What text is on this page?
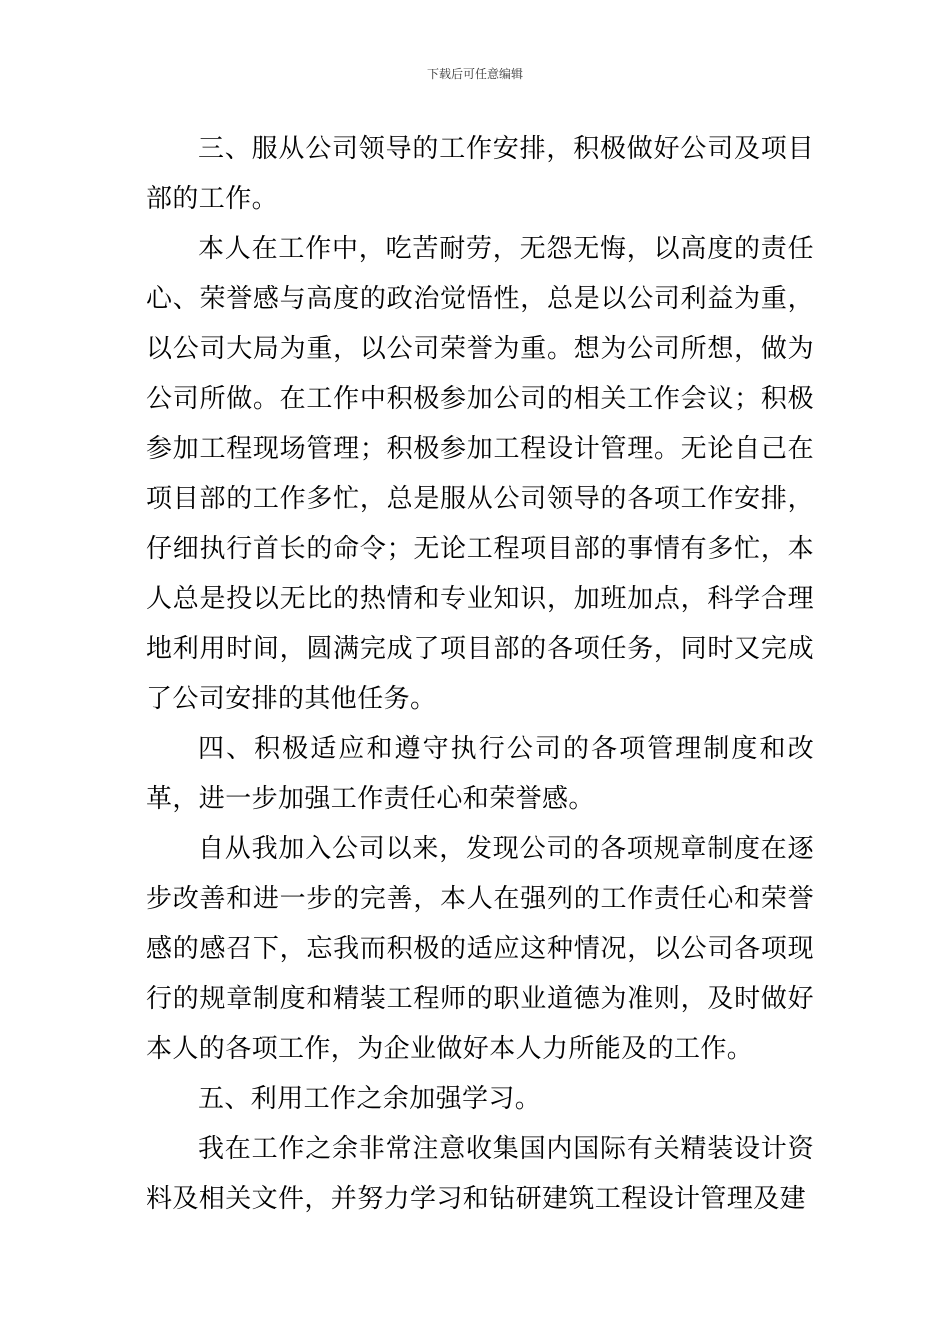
下载后可任意编辑

三、服从公司领导的工作安排，积极做好公司及项目部的工作。

本人在工作中，吃苦耐劳，无怨无悔，以高度的责任心、荣誉感与高度的政治觉悟性，总是以公司利益为重，以公司大局为重，以公司荣誉为重。想为公司所想，做为公司所做。在工作中积极参加公司的相关工作会议；积极参加工程现场管理；积极参加工程设计管理。无论自己在项目部的工作多忙，总是服从公司领导的各项工作安排，仔细执行首长的命令；无论工程项目部的事情有多忙，本人总是投以无比的热情和专业知识，加班加点，科学合理地利用时间，圆满完成了项目部的各项任务，同时又完成了公司安排的其他任务。

四、积极适应和遵守执行公司的各项管理制度和改革，进一步加强工作责任心和荣誉感。

自从我加入公司以来，发现公司的各项规章制度在逐步改善和进一步的完善，本人在强列的工作责任心和荣誉感的感召下，忘我而积极的适应这种情况，以公司各项现行的规章制度和精装工程师的职业道德为准则，及时做好本人的各项工作，为企业做好本人力所能及的工作。

五、利用工作之余加强学习。

我在工作之余非常注意收集国内国际有关精装设计资料及相关文件，并努力学习和钻研建筑工程设计管理及建
